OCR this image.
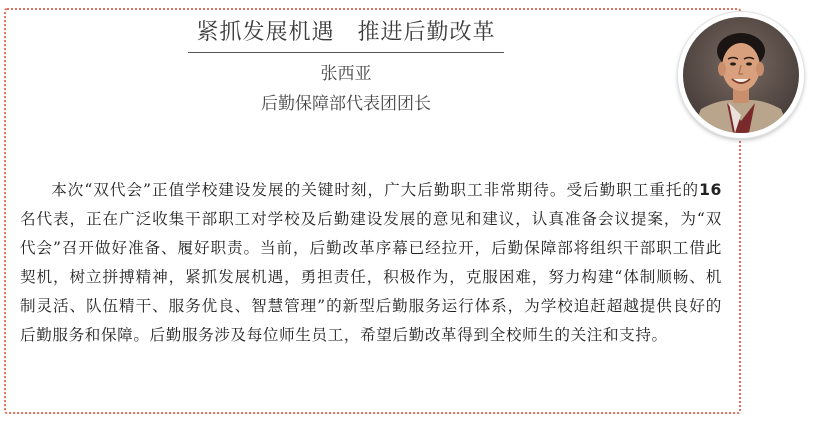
紧抓发展机遇　推进后勤改革
张西亚
后勤保障部代表团团长

本次“双代会”正值学校建设发展的关键时刻，广大后勤职工非常期待。受后勤职工重托的16名代表，正在广泛收集干部职工对学校及后勤建设发展的意见和建议，认真准备会议提案，为“双代会”召开做好准备、履好职责。当前，后勤改革序幕已经拉开，后勤保障部将组织干部职工借此契机，树立拼搏精神，紧抓发展机遇，勇担责任，积极作为，克服困难，努力构建“体制顺畅、机制灵活、队伍精干、服务优良、智慧管理”的新型后勤服务运行体系，为学校追赶超越提供良好的后勤服务和保障。后勤服务涉及每位师生员工，希望后勤改革得到全校师生的关注和支持。
